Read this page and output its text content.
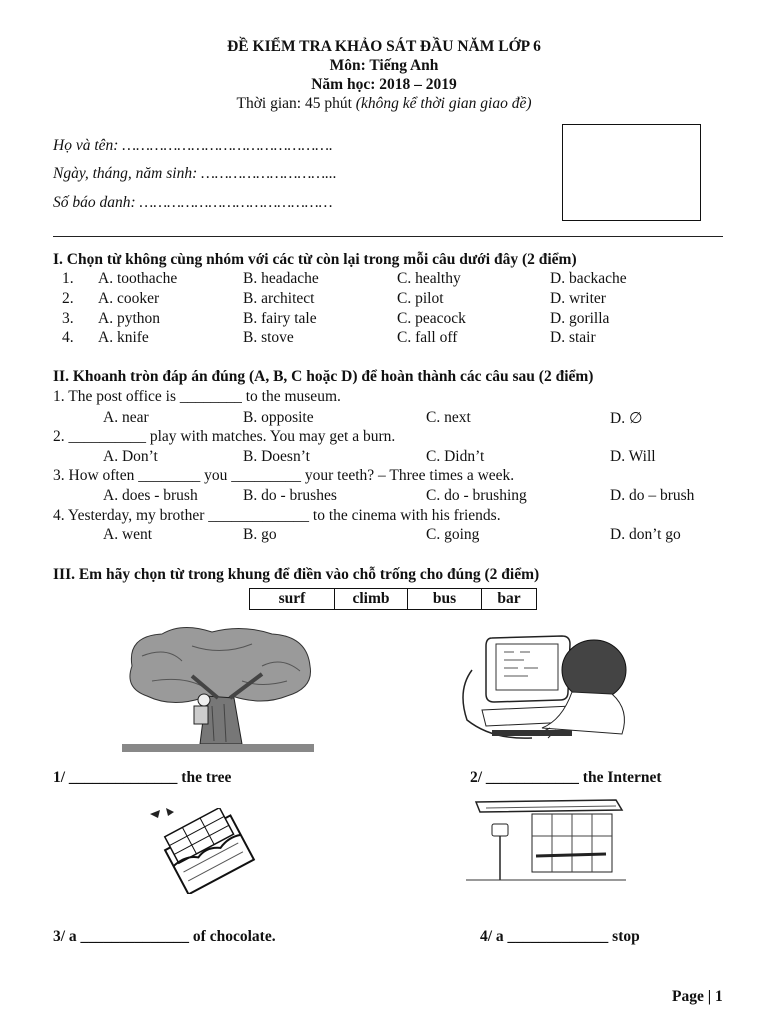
ĐỀ KIỂM TRA KHẢO SÁT ĐẦU NĂM LỚP 6
Môn: Tiếng Anh
Năm học: 2018 – 2019
Thời gian: 45 phút (không kể thời gian giao đề)
Họ và tên: ……………………………………….
Ngày, tháng, năm sinh: ………………………...
Số báo danh: ……………………………………
I. Chọn từ không cùng nhóm với các từ còn lại trong mỗi câu dưới đây (2 điểm)
1. A. toothache	B. headache	C. healthy	D. backache
2. A. cooker	B. architect	C. pilot	D. writer
3. A. python	B. fairy tale	C. peacock	D. gorilla
4. A. knife	B. stove	C. fall off	D. stair
II. Khoanh tròn đáp án đúng (A, B, C hoặc D) để hoàn thành các câu sau (2 điểm)
1. The post office is ________ to the museum.
A. near	B. opposite	C. next	D. ∅
2. __________ play with matches. You may get a burn.
A. Don’t	B. Doesn’t	C. Didn’t	D. Will
3. How often ________ you _________ your teeth? – Three times a week.
A. does - brush	B. do - brushes	C. do - brushing	D. do – brush
4. Yesterday, my brother _____________ to the cinema with his friends.
A. went	B. go	C. going	D. don’t go
III. Em hãy chọn từ trong khung để điền vào chỗ trống cho đúng (2 điểm)
surf	climb	bus	bar
1/ ______________ the tree	2/ ____________ the Internet
3/ a ______________ of chocolate.	4/ a _____________ stop
Page | 1
